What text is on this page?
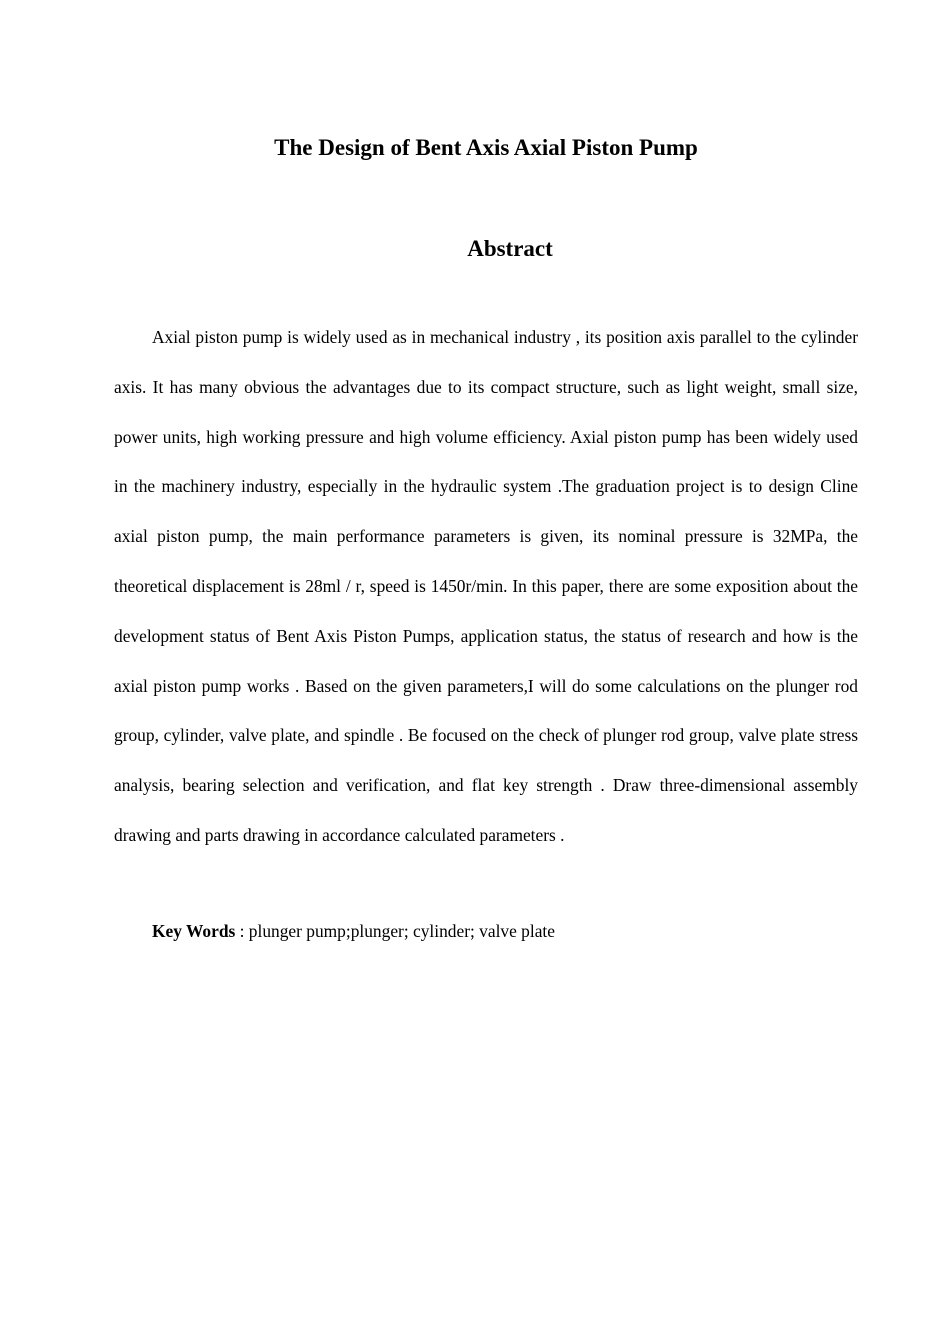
The Design of Bent Axis Axial Piston Pump
Abstract

Axial piston pump is widely used as in mechanical industry , its position axis parallel to the cylinder axis. It has many obvious the advantages due to its compact structure, such as light weight, small size, power units, high working pressure and high volume efficiency. Axial piston pump has been widely used in the machinery industry, especially in the hydraulic system .The graduation project is to design Cline axial piston pump, the main performance parameters is given, its nominal pressure is 32MPa, the theoretical displacement is 28ml / r, speed is 1450r/min. In this paper, there are some exposition about the development status of Bent Axis Piston Pumps, application status, the status of research and how is the axial piston pump works . Based on the given parameters,I will do some calculations on the plunger rod group, cylinder, valve plate, and spindle . Be focused on the check of plunger rod group, valve plate stress analysis, bearing selection and verification, and flat key strength . Draw three-dimensional assembly drawing and parts drawing in accordance calculated parameters .

Key Words : plunger pump;plunger; cylinder; valve plate
